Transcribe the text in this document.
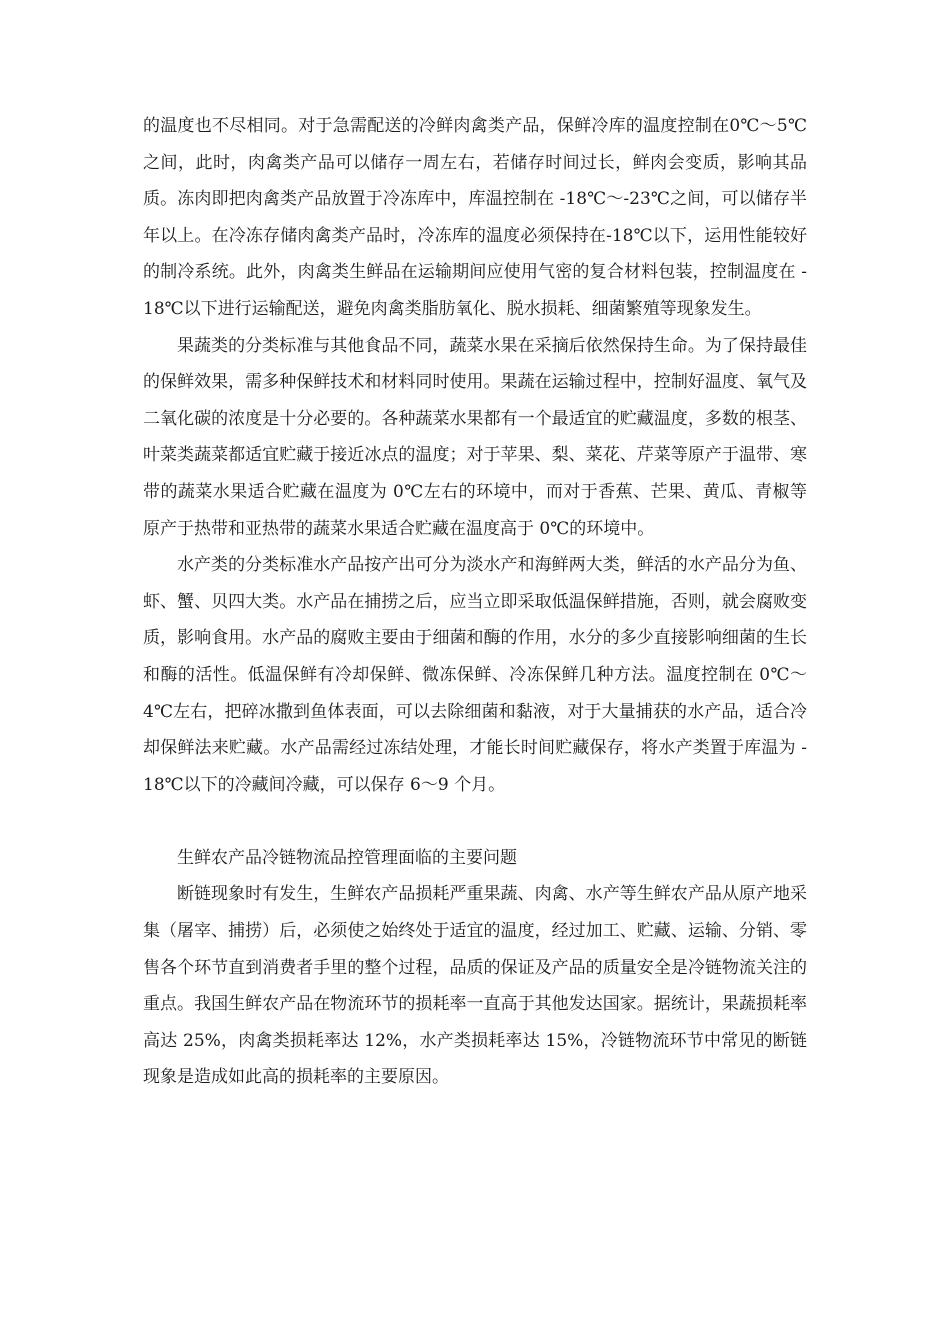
的温度也不尽相同。对于急需配送的冷鲜肉禽类产品，保鲜冷库的温度控制在0℃～5℃之间，此时，肉禽类产品可以储存一周左右，若储存时间过长，鲜肉会变质，影响其品质。冻肉即把肉禽类产品放置于冷冻库中，库温控制在 -18℃～-23℃之间，可以储存半年以上。在冷冻存储肉禽类产品时，冷冻库的温度必须保持在-18℃以下，运用性能较好的制冷系统。此外，肉禽类生鲜品在运输期间应使用气密的复合材料包装，控制温度在 -18℃以下进行运输配送，避免肉禽类脂肪氧化、脱水损耗、细菌繁殖等现象发生。

果蔬类的分类标准与其他食品不同，蔬菜水果在采摘后依然保持生命。为了保持最佳的保鲜效果，需多种保鲜技术和材料同时使用。果蔬在运输过程中，控制好温度、氧气及二氧化碳的浓度是十分必要的。各种蔬菜水果都有一个最适宜的贮藏温度，多数的根茎、叶菜类蔬菜都适宜贮藏于接近冰点的温度；对于苹果、梨、菜花、芹菜等原产于温带、寒带的蔬菜水果适合贮藏在温度为 0℃左右的环境中，而对于香蕉、芒果、黄瓜、青椒等原产于热带和亚热带的蔬菜水果适合贮藏在温度高于 0℃的环境中。

水产类的分类标准水产品按产出可分为淡水产和海鲜两大类，鲜活的水产品分为鱼、虾、蟹、贝四大类。水产品在捕捞之后，应当立即采取低温保鲜措施，否则，就会腐败变质，影响食用。水产品的腐败主要由于细菌和酶的作用，水分的多少直接影响细菌的生长和酶的活性。低温保鲜有冷却保鲜、微冻保鲜、冷冻保鲜几种方法。温度控制在 0℃～4℃左右，把碎冰撒到鱼体表面，可以去除细菌和黏液，对于大量捕获的水产品，适合冷却保鲜法来贮藏。水产品需经过冻结处理，才能长时间贮藏保存，将水产类置于库温为 -18℃以下的冷藏间冷藏，可以保存 6～9 个月。

生鲜农产品冷链物流品控管理面临的主要问题

断链现象时有发生，生鲜农产品损耗严重果蔬、肉禽、水产等生鲜农产品从原产地采集（屠宰、捕捞）后，必须使之始终处于适宜的温度，经过加工、贮藏、运输、分销、零售各个环节直到消费者手里的整个过程，品质的保证及产品的质量安全是冷链物流关注的重点。我国生鲜农产品在物流环节的损耗率一直高于其他发达国家。据统计，果蔬损耗率高达 25%，肉禽类损耗率达 12%，水产类损耗率达 15%，冷链物流环节中常见的断链现象是造成如此高的损耗率的主要原因。
